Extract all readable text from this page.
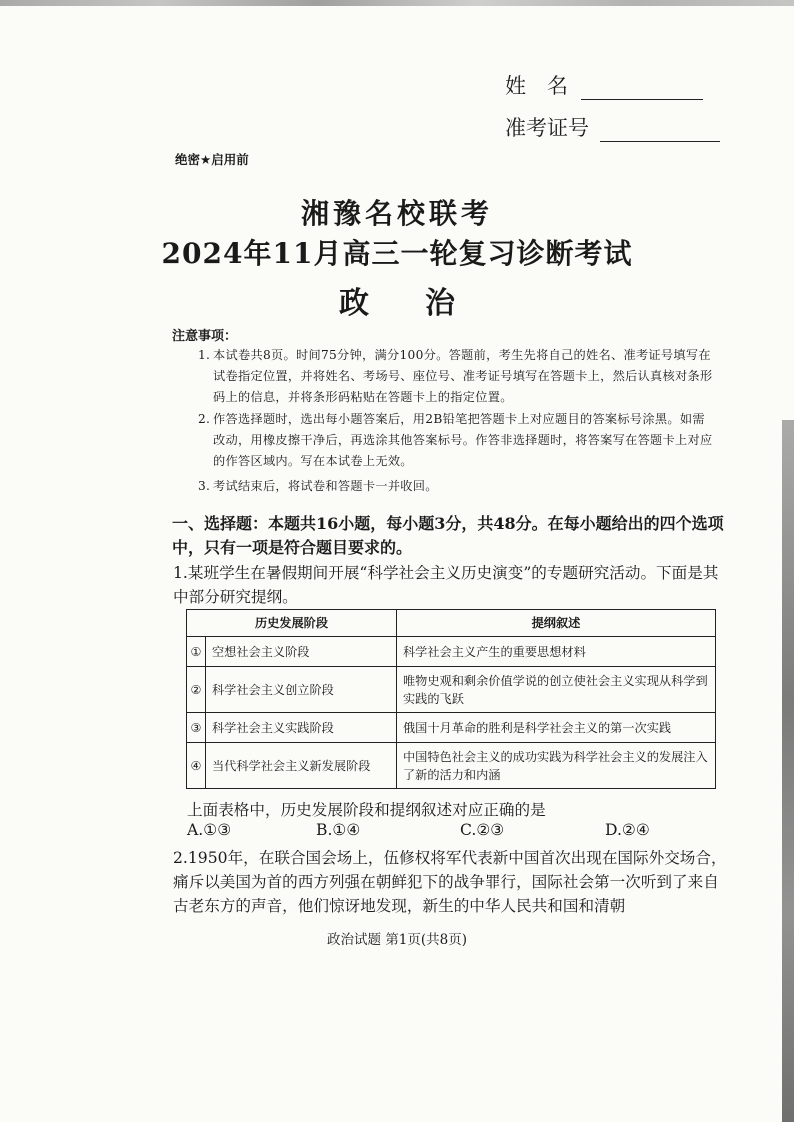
姓　名
准考证号
绝密★启用前
湘豫名校联考
2024年11月高三一轮复习诊断考试
政 治
注意事项：
1. 本试卷共8页。时间75分钟，满分100分。答题前，考生先将自己的姓名、准考证号填写在试卷指定位置，并将姓名、考场号、座位号、准考证号填写在答题卡上，然后认真核对条形码上的信息，并将条形码粘贴在答题卡上的指定位置。
2. 作答选择题时，选出每小题答案后，用2B铅笔把答题卡上对应题目的答案标号涂黑。如需改动，用橡皮擦干净后，再选涂其他答案标号。作答非选择题时，将答案写在答题卡上对应的作答区域内。写在本试卷上无效。
3. 考试结束后，将试卷和答题卡一并收回。
一、选择题：本题共16小题，每小题3分，共48分。在每小题给出的四个选项中，只有一项是符合题目要求的。
1.某班学生在暑假期间开展“科学社会主义历史演变”的专题研究活动。下面是其中部分研究提纲。
历史发展阶段		提纲叙述
①	空想社会主义阶段	科学社会主义产生的重要思想材料
②	科学社会主义创立阶段	唯物史观和剩余价值学说的创立使社会主义实现从科学到实践的飞跃
③	科学社会主义实践阶段	俄国十月革命的胜利是科学社会主义的第一次实践
④	当代科学社会主义新发展阶段	中国特色社会主义的成功实践为科学社会主义的发展注入了新的活力和内涵
上面表格中，历史发展阶段和提纲叙述对应正确的是
A.①③	B.①④	C.②③	D.②④
2.1950年，在联合国会场上，伍修权将军代表新中国首次出现在国际外交场合，痛斥以美国为首的西方列强在朝鲜犯下的战争罪行，国际社会第一次听到了来自古老东方的声音，他们惊讶地发现，新生的中华人民共和国和清朝
政治试题 第1页(共8页)
